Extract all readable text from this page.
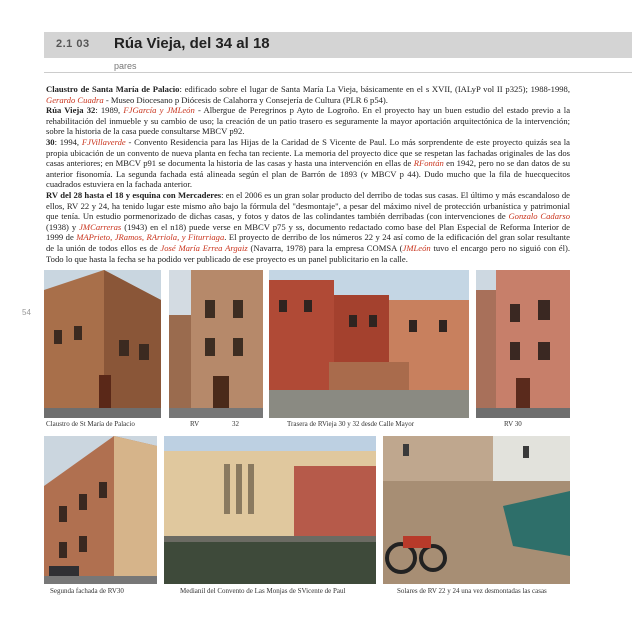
2.1 03 Rúa Vieja, del 34 al 18
pares
54

Claustro de Santa María de Palacio: edificado sobre el lugar de Santa María La Vieja, básicamente en el s XVII, (IALyP vol II p325); 1988-1998, Gerardo Cuadra - Museo Diocesano p Diócesis de Calahorra y Consejería de Cultura (PLR 6 p54).

Rúa Vieja 32: 1989, FJGarcía y JMLeón - Albergue de Peregrinos p Ayto de Logroño. En el proyecto hay un buen estudio del estado previo a la rehabilitación del inmueble y su cambio de uso; la creación de un patio trasero es seguramente la mayor aportación arquitectónica de la intervención; sobre la historia de la casa puede consultarse MBCV p92.

30: 1994, FJVillaverde - Convento Residencia para las Hijas de la Caridad de S Vicente de Paul. Lo más sorprendente de este proyecto quizás sea la propia ubicación de un convento de nueva planta en fecha tan reciente. La memoria del proyecto dice que se respetan las fachadas originales de las dos casas anteriores; en MBCV p91 se documenta la historia de las casas y hasta una intervención en ellas de RFontán en 1942, pero no se dan datos de su anterior fisonomía. La segunda fachada está alineada según el plan de Barrón de 1893 (v MBCV p 44). Dudo mucho que la fila de huecquecitos cuadrados estuviera en la fachada anterior.

RV del 28 hasta el 18 y esquina con Mercaderes: en el 2006 es un gran solar producto del derribo de todas sus casas. El último y más escandaloso de ellos, RV 22 y 24, ha tenido lugar este mismo año bajo la fórmula del "desmontaje", a pesar del máximo nivel de protección urbanística y patrimonial que tenía. Un estudio pormenorizado de dichas casas, y fotos y datos de las colindantes también derribadas (con intervenciones de Gonzalo Cadarso (1938) y JMCarreras (1943) en el n18) puede verse en MBCV p75 y ss, documento redactado como base del Plan Especial de Reforma Interior de 1999 de MAPrieto, JRamos, RArriola, y Fiturriaga. El proyecto de derribo de los números 22 y 24 así como de la edificación del gran solar resultante de la unión de todos ellos es de José María Errea Argaiz (Navarra, 1978) para la empresa COMSA (JMLeón tuvo el encargo pero no siguió con él). Todo lo que hasta la fecha se ha podido ver publicado de ese proyecto es un panel publicitario en la calle.

Claustro de St María de Palacio	RV	32	Trasera de RVieja 30 y 32 desde Calle Mayor	RV 30
Segunda fachada de RV30	Medianil del Convento de Las Monjas de SVicente de Paul	Solares de RV 22 y 24 una vez desmontadas las casas
